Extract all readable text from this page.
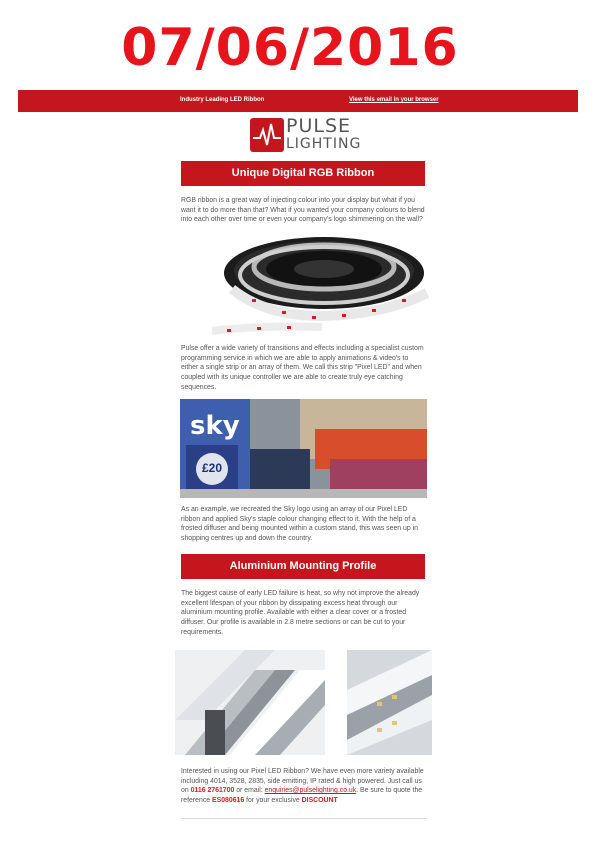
07/06/2016
Industry Leading LED Ribbon	View this email in your browser
PULSE
LIGHTING
Unique Digital RGB Ribbon
RGB ribbon is a great way of injecting colour into your display but what if you want it to do more than that? What if you wanted your company colours to blend into each other over time or even your company's logo shimmering on the wall?
Pulse offer a wide variety of transitions and effects including a specialist custom programming service in which we are able to apply animations & video's to either a single strip or an array of them. We call this strip "Pixel LED" and when coupled with its unique controller we are able to create truly eye catching sequences.
sky
£20
As an example, we recreated the Sky logo using an array of our Pixel LED ribbon and applied Sky's staple colour changing effect to it. With the help of a frosted diffuser and being mounted within a custom stand, this was seen up in shopping centres up and down the country.
Aluminium Mounting Profile
The biggest cause of early LED failure is heat, so why not improve the already excellent lifespan of your ribbon by dissipating excess heat through our aluminium mounting profile. Available with either a clear cover or a frosted diffuser. Our profile is available in 2.8 metre sections or can be cut to your requirements.
Interested in using our Pixel LED Ribbon? We have even more variety available including 4014, 3528, 2835, side emitting, IP rated & high powered. Just call us on 0116 2761700 or email: enquiries@pulselighting.co.uk. Be sure to quote the reference ES080616 for your exclusive DISCOUNT
